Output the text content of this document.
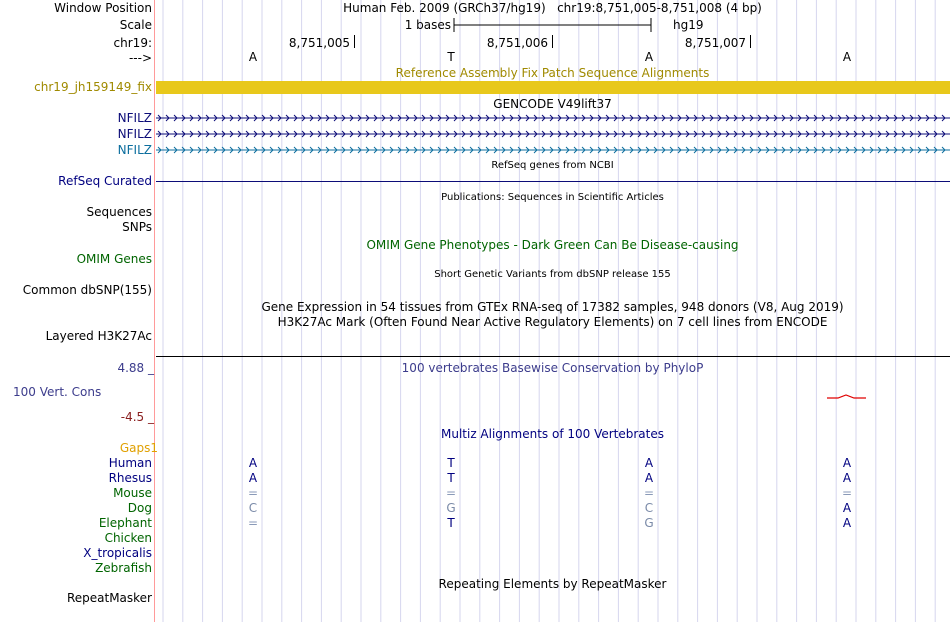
Window Position	Human Feb. 2009 (GRCh37/hg19)   chr19:8,751,005-8,751,008 (4 bp)
Scale	1 bases	hg19
chr19:	8,751,005	8,751,006	8,751,007
--->	A	T	A	A
Reference Assembly Fix Patch Sequence Alignments
chr19_jh159149_fix
GENCODE V49lift37
NFILZ
NFILZ
NFILZ
RefSeq genes from NCBI
RefSeq Curated
Publications: Sequences in Scientific Articles
Sequences
SNPs
OMIM Gene Phenotypes - Dark Green Can Be Disease-causing
OMIM Genes
Short Genetic Variants from dbSNP release 155
Common dbSNP(155)
Gene Expression in 54 tissues from GTEx RNA-seq of 17382 samples, 948 donors (V8, Aug 2019)
H3K27Ac Mark (Often Found Near Active Regulatory Elements) on 7 cell lines from ENCODE
Layered H3K27Ac
100 vertebrates Basewise Conservation by PhyloP
4.88 _
100 Vert. Cons
-4.5 _
Multiz Alignments of 100 Vertebrates
Gaps1
Human	A	T	A	A
Rhesus	A	T	A	A
Mouse	=	=	=	=
Dog	C	G	C	A
Elephant	=	T	G	A
Chicken
X_tropicalis
Zebrafish
Repeating Elements by RepeatMasker
RepeatMasker
